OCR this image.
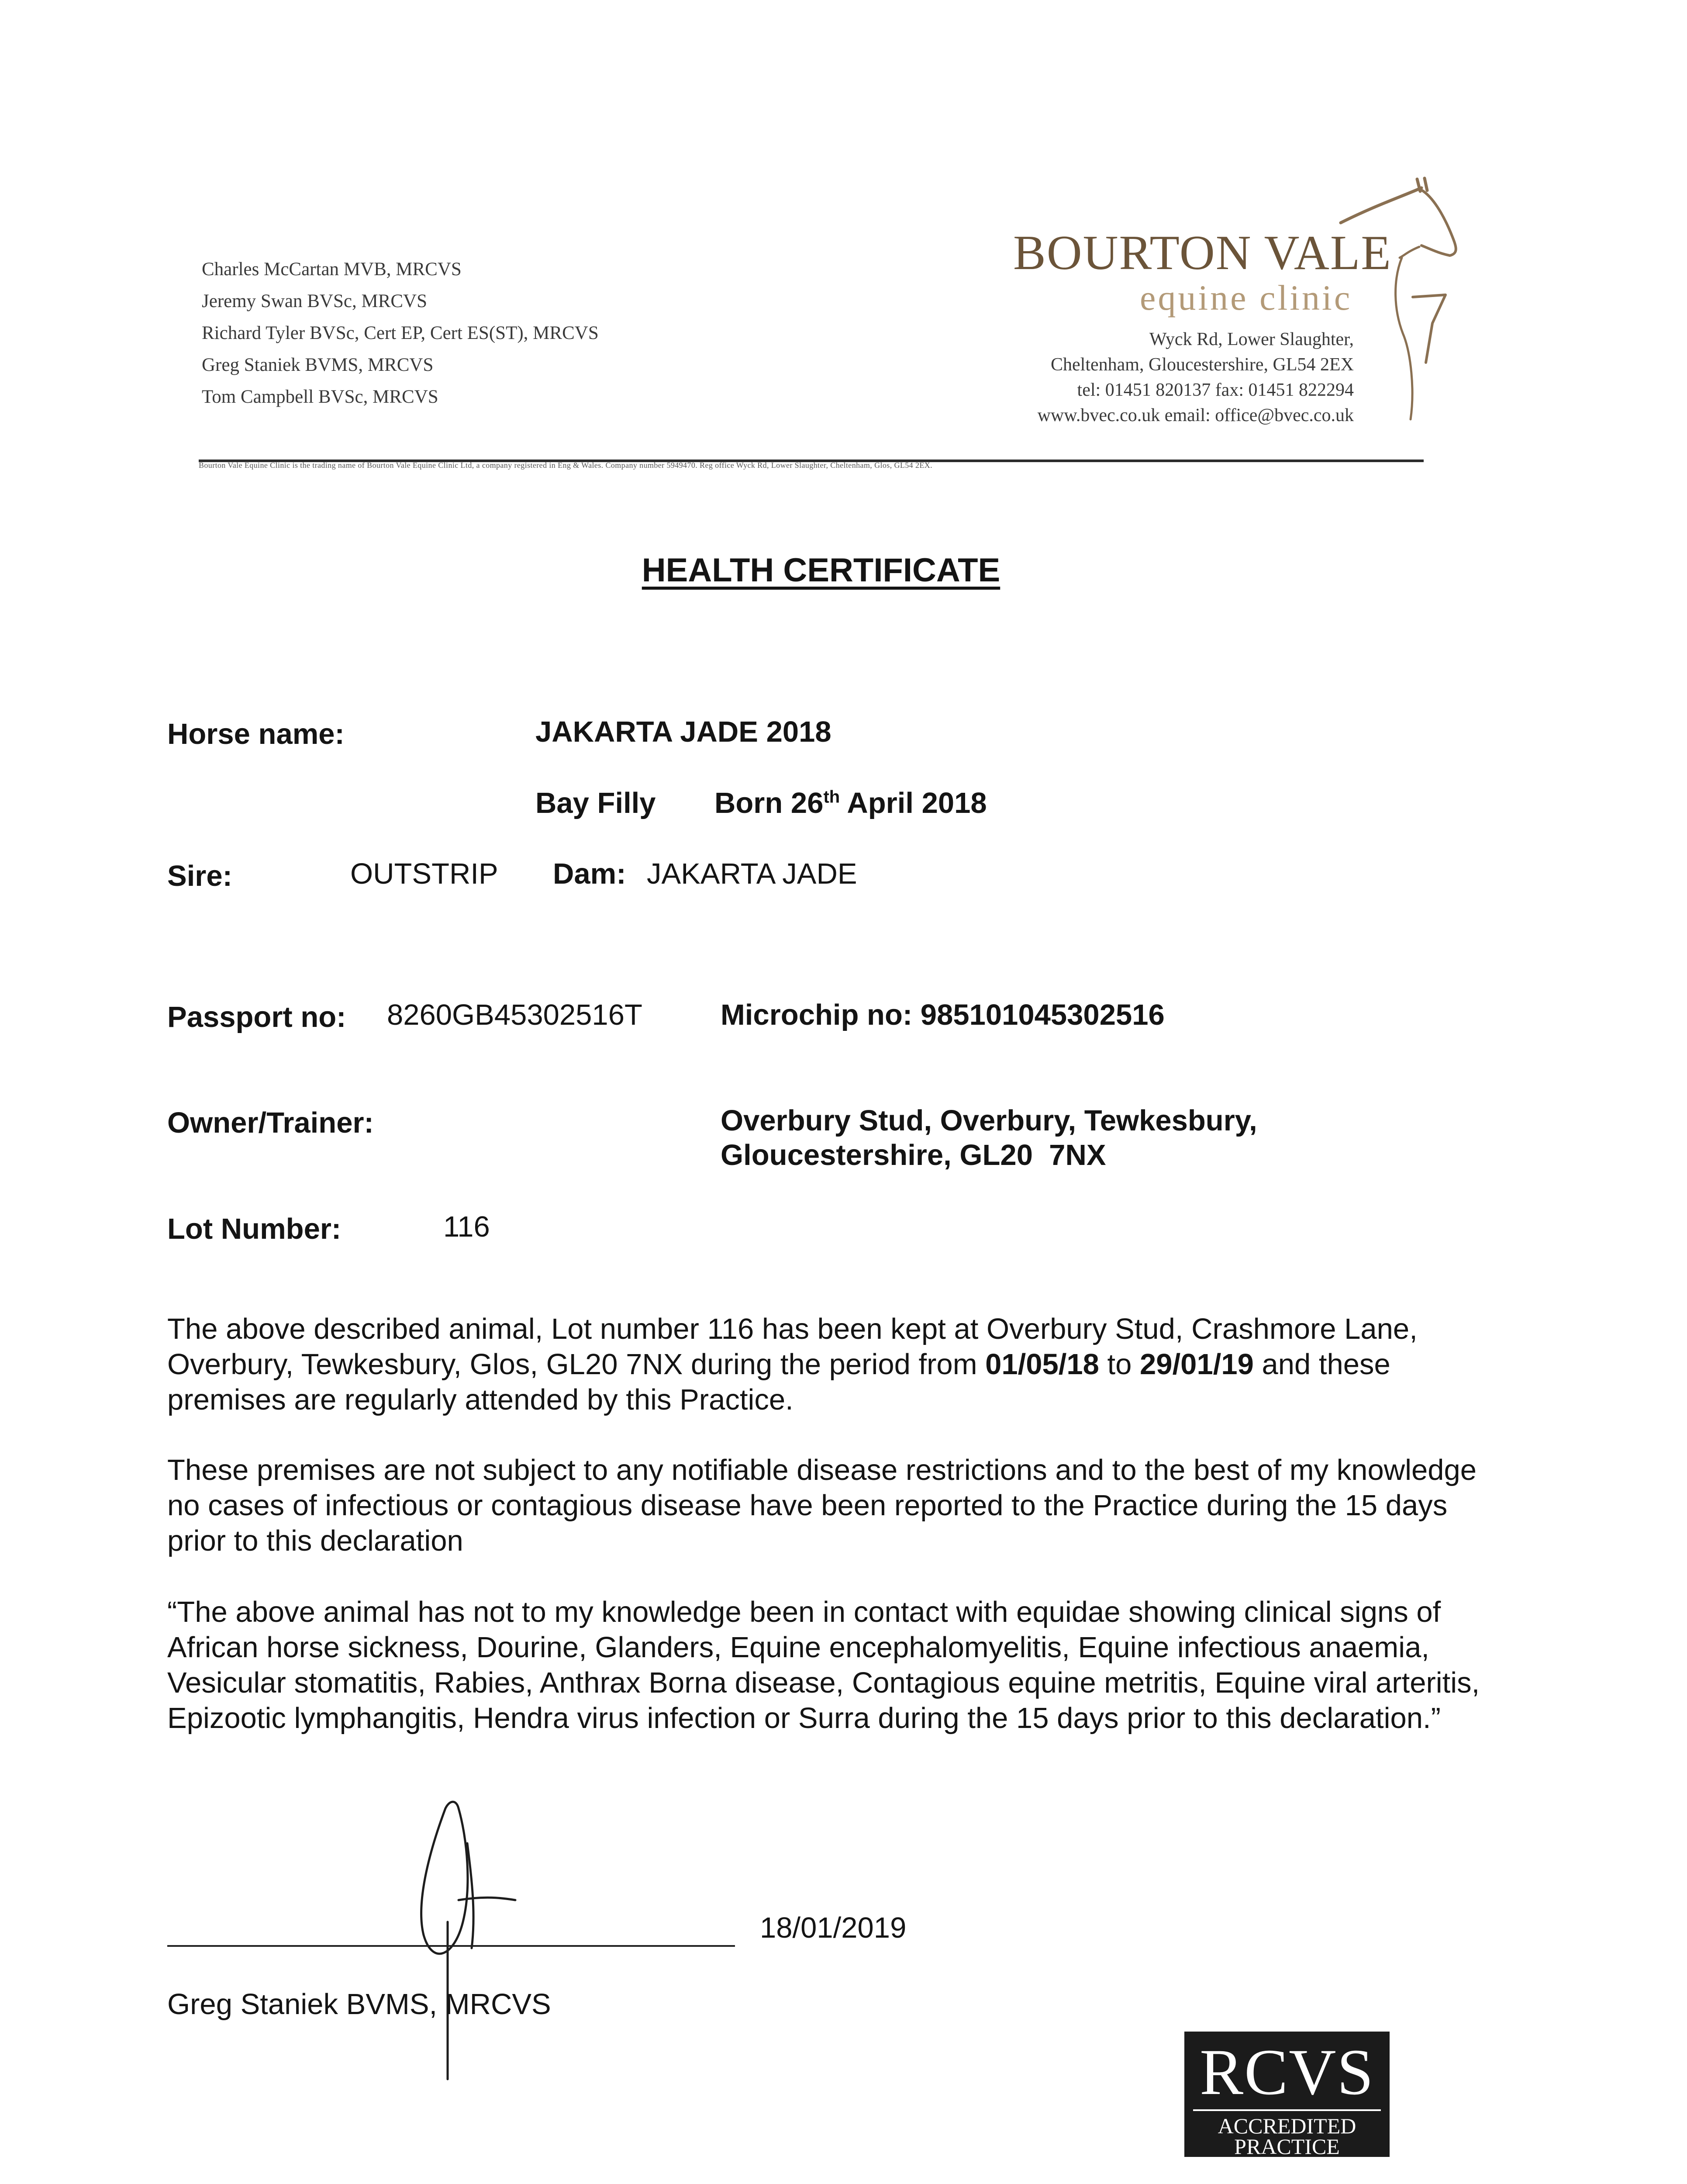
Charles McCartan MVB, MRCVS
Jeremy Swan BVSc, MRCVS
Richard Tyler BVSc, Cert EP, Cert ES(ST), MRCVS
Greg Staniek BVMS, MRCVS
Tom Campbell BVSc, MRCVS
BOURTON VALE
equine clinic
Wyck Rd, Lower Slaughter,
Cheltenham, Gloucestershire, GL54 2EX
tel: 01451 820137 fax: 01451 822294
www.bvec.co.uk email: office@bvec.co.uk
Bourton Vale Equine Clinic is the trading name of Bourton Vale Equine Clinic Ltd, a company registered in Eng & Wales. Company number 5949470. Reg office Wyck Rd, Lower Slaughter, Cheltenham, Glos, GL54 2EX.
HEALTH CERTIFICATE
Horse name:	JAKARTA JADE 2018
Bay Filly Born 26th April 2018
Sire:	OUTSTRIP Dam: JAKARTA JADE
Passport no: 8260GB45302516T	Microchip no: 985101045302516
Owner/Trainer:	Overbury Stud, Overbury, Tewkesbury,
Gloucestershire, GL20  7NX
Lot Number:	116
The above described animal, Lot number 116 has been kept at Overbury Stud, Crashmore Lane, Overbury, Tewkesbury, Glos, GL20 7NX during the period from 01/05/18 to 29/01/19 and these premises are regularly attended by this Practice.
These premises are not subject to any notifiable disease restrictions and to the best of my knowledge no cases of infectious or contagious disease have been reported to the Practice during the 15 days prior to this declaration
“The above animal has not to my knowledge been in contact with equidae showing clinical signs of African horse sickness, Dourine, Glanders, Equine encephalomyelitis, Equine infectious anaemia, Vesicular stomatitis, Rabies, Anthrax Borna disease, Contagious equine metritis, Equine viral arteritis, Epizootic lymphangitis, Hendra virus infection or Surra during the 15 days prior to this declaration.”
18/01/2019
Greg Staniek BVMS, MRCVS
RCVS
ACCREDITED
PRACTICE
